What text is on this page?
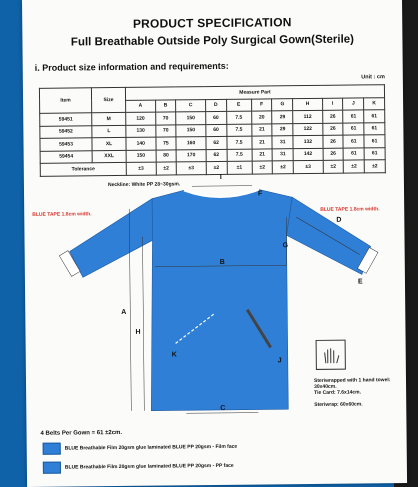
PRODUCT SPECIFICATION
Full Breathable Outside Poly Surgical Gown(Sterile)
i. Product size information and requirements:
Unit : cm
Item	Size	Measure Part										
		A	B	C	D	E	F	G	H	I	J	K
59451	M	120	70	150	60	7.5	20	29	112	26	61	61
59452	L	130	70	150	60	7.5	21	29	122	26	61	61
59453	XL	140	75	160	62	7.5	21	31	132	26	61	61
59454	XXL	150	80	170	62	7.5	21	31	142	26	61	61
Tolerance		±3	±2	±3	±2	±1	±2	±2	±3	±2	±2	±2
Neckline: White PP 28~30gsm.
BLUE TAPE 1.8cm width.
BLUE TAPE 1.8cm width.
I
F
D
G
B
E
A
H
K
J
C
Steriwrapped with 1 hand towel: 30x40cm.
Tie Card: 7.6x14cm.
Steriwrap: 60x60cm.
4 Belts Per Gown = 61 ±2cm.
BLUE Breathable Film 20gsm glue laminated BLUE PP 20gsm - Film face
BLUE Breathable Film 20gsm glue laminated BLUE PP 20gsm - PP face
